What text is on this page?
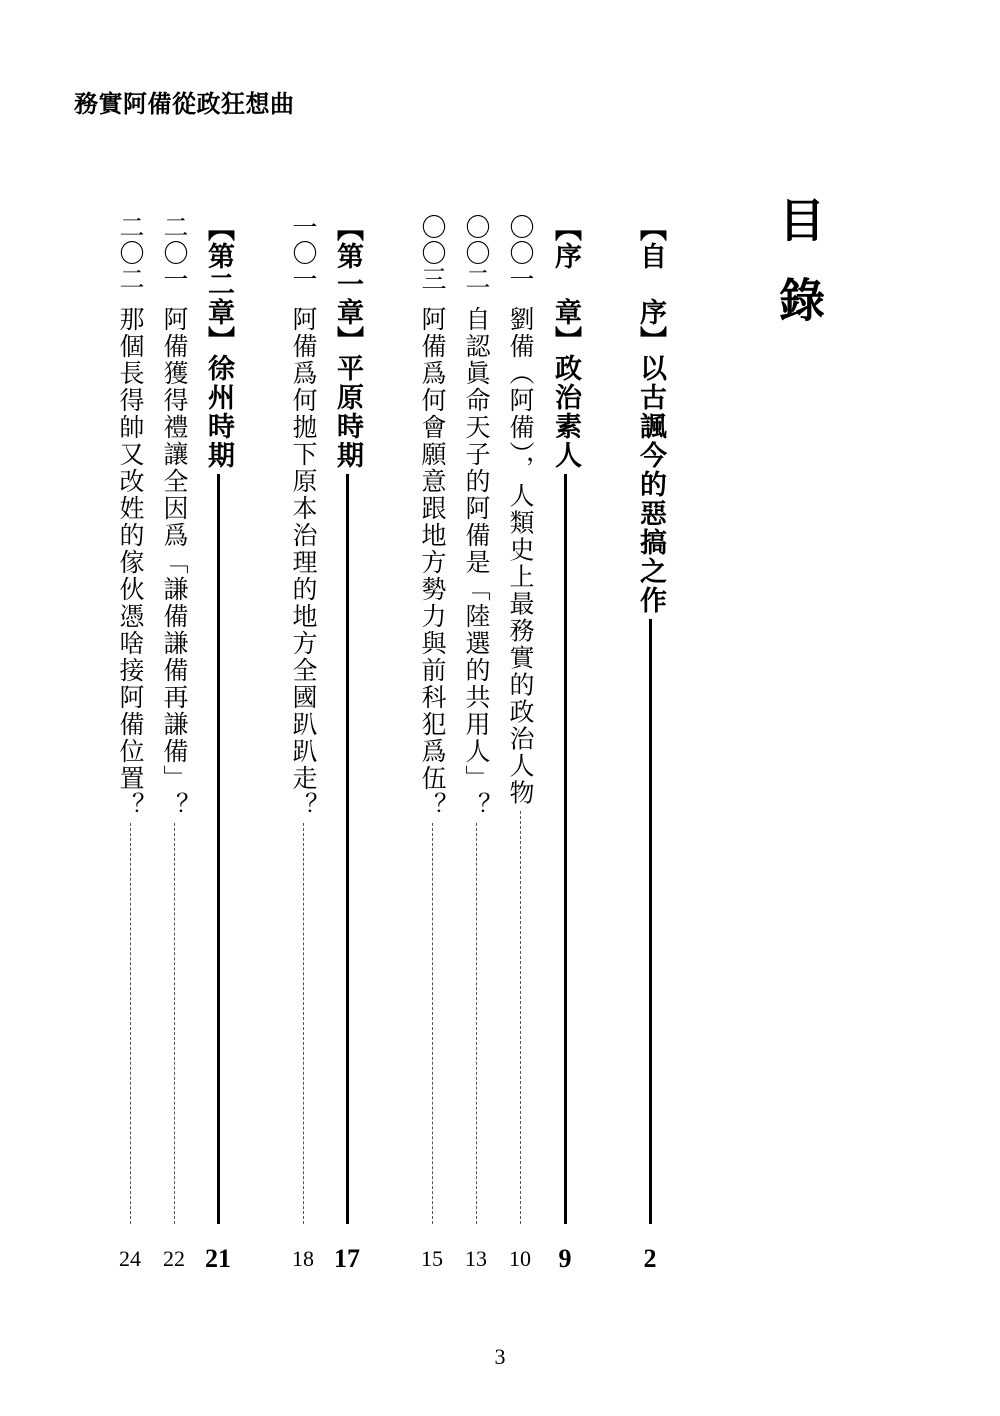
務實阿備從政狂想曲
目錄
【自　序】
以古諷今的惡搞之作
2
【序　章】
政治素人
9
〇〇一
劉備（阿備），人類史上最務實的政治人物
10
〇〇二
自認眞命天子的阿備是「陸選的共用人」？
13
〇〇三
阿備爲何會願意跟地方勢力與前科犯爲伍？
15
【第一章】
平原時期
17
一〇一
阿備爲何拋下原本治理的地方全國趴趴走？
18
【第二章】
徐州時期
21
二〇一
阿備獲得禮讓全因爲「謙備謙備再謙備」？
22
二〇二
那個長得帥又改姓的傢伙憑啥接阿備位置？
24
3
